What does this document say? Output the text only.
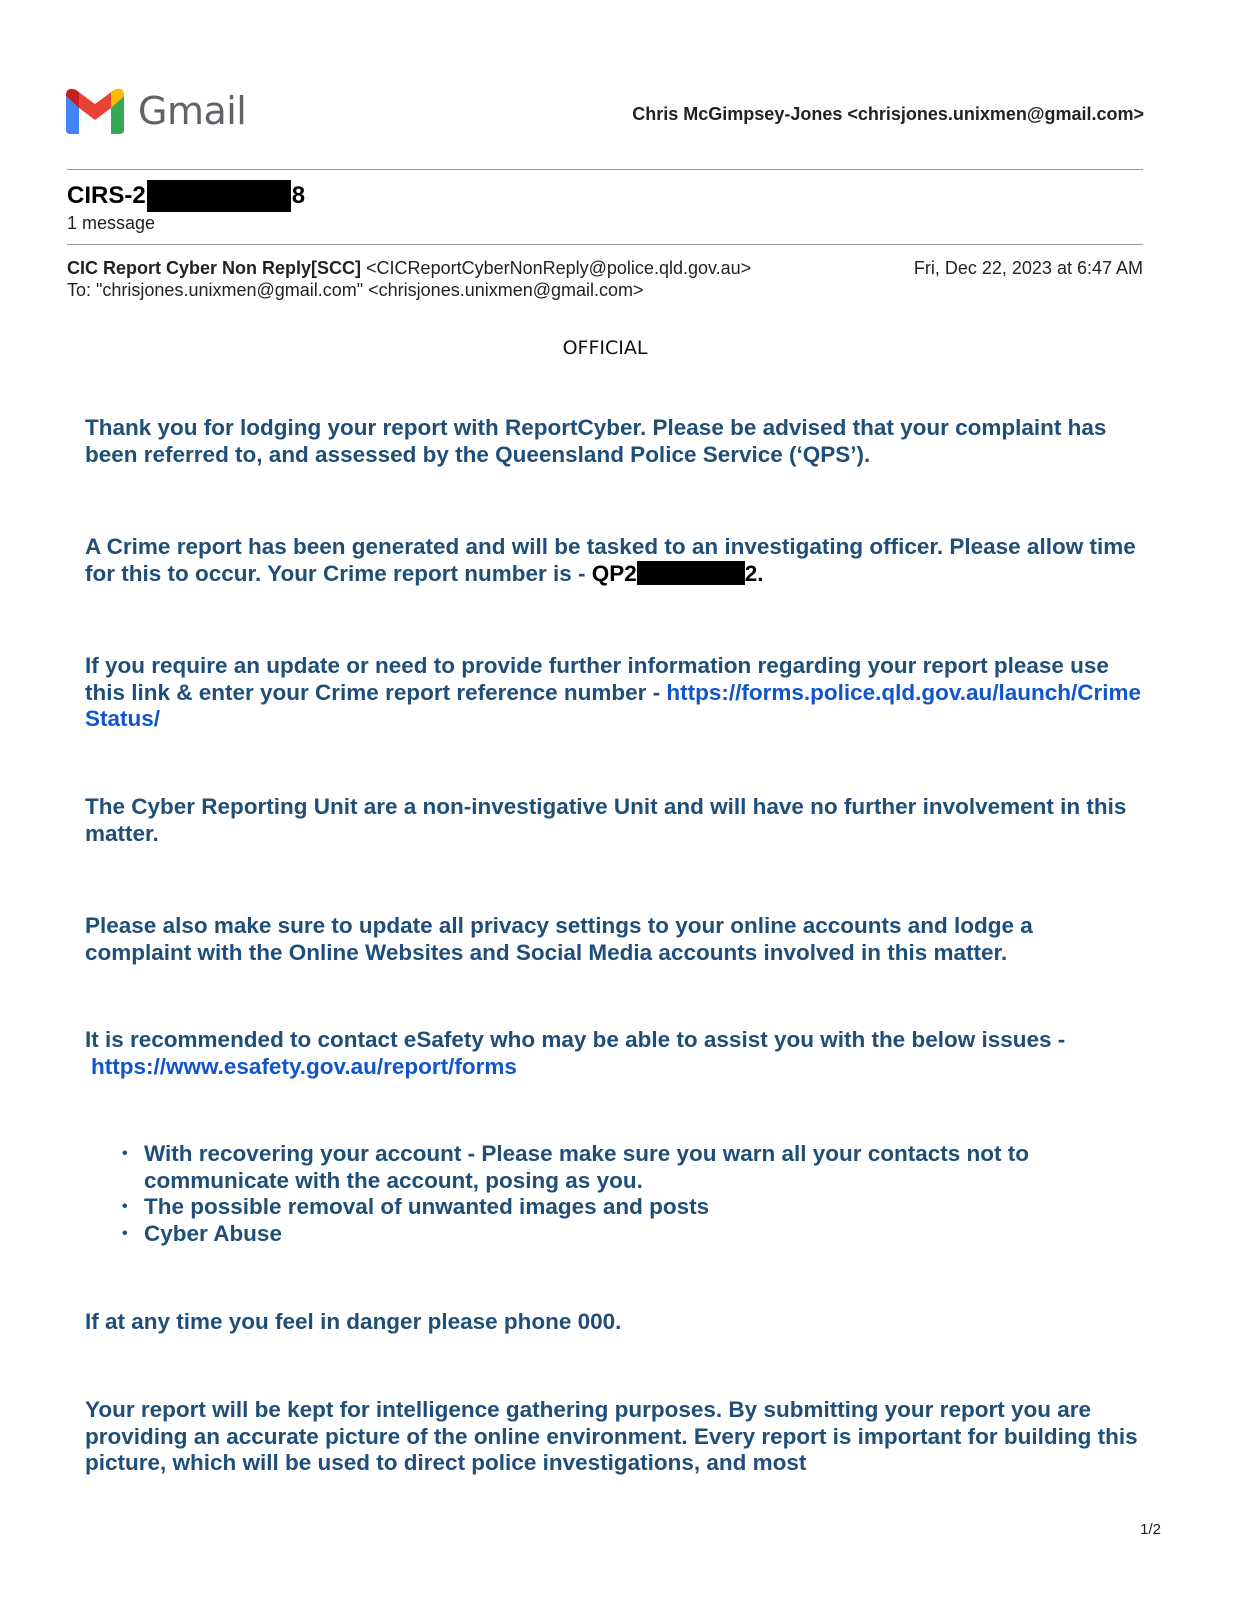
Gmail	Chris McGimpsey-Jones <chrisjones.unixmen@gmail.com>
CIRS-2	8
1 message
CIC Report Cyber Non Reply[SCC] <CICReportCyberNonReply@police.qld.gov.au>	Fri, Dec 22, 2023 at 6:47 AM
To: "chrisjones.unixmen@gmail.com" <chrisjones.unixmen@gmail.com>
OFFICIAL

Thank you for lodging your report with ReportCyber. Please be advised that your complaint has been referred to, and assessed by the Queensland Police Service (‘QPS’).

A Crime report has been generated and will be tasked to an investigating officer. Please allow time for this to occur. Your Crime report number is - QP2	2.

If you require an update or need to provide further information regarding your report please use this link & enter your Crime report reference number - https://forms.police.qld.gov.au/launch/CrimeStatus/

The Cyber Reporting Unit are a non-investigative Unit and will have no further involvement in this matter.

Please also make sure to update all privacy settings to your online accounts and lodge a complaint with the Online Websites and Social Media accounts involved in this matter.

It is recommended to contact eSafety who may be able to assist you with the below issues -
https://www.esafety.gov.au/report/forms

• With recovering your account - Please make sure you warn all your contacts not to communicate with the account, posing as you.
• The possible removal of unwanted images and posts
• Cyber Abuse

If at any time you feel in danger please phone 000.

Your report will be kept for intelligence gathering purposes. By submitting your report you are providing an accurate picture of the online environment. Every report is important for building this picture, which will be used to direct police investigations, and most

1/2
